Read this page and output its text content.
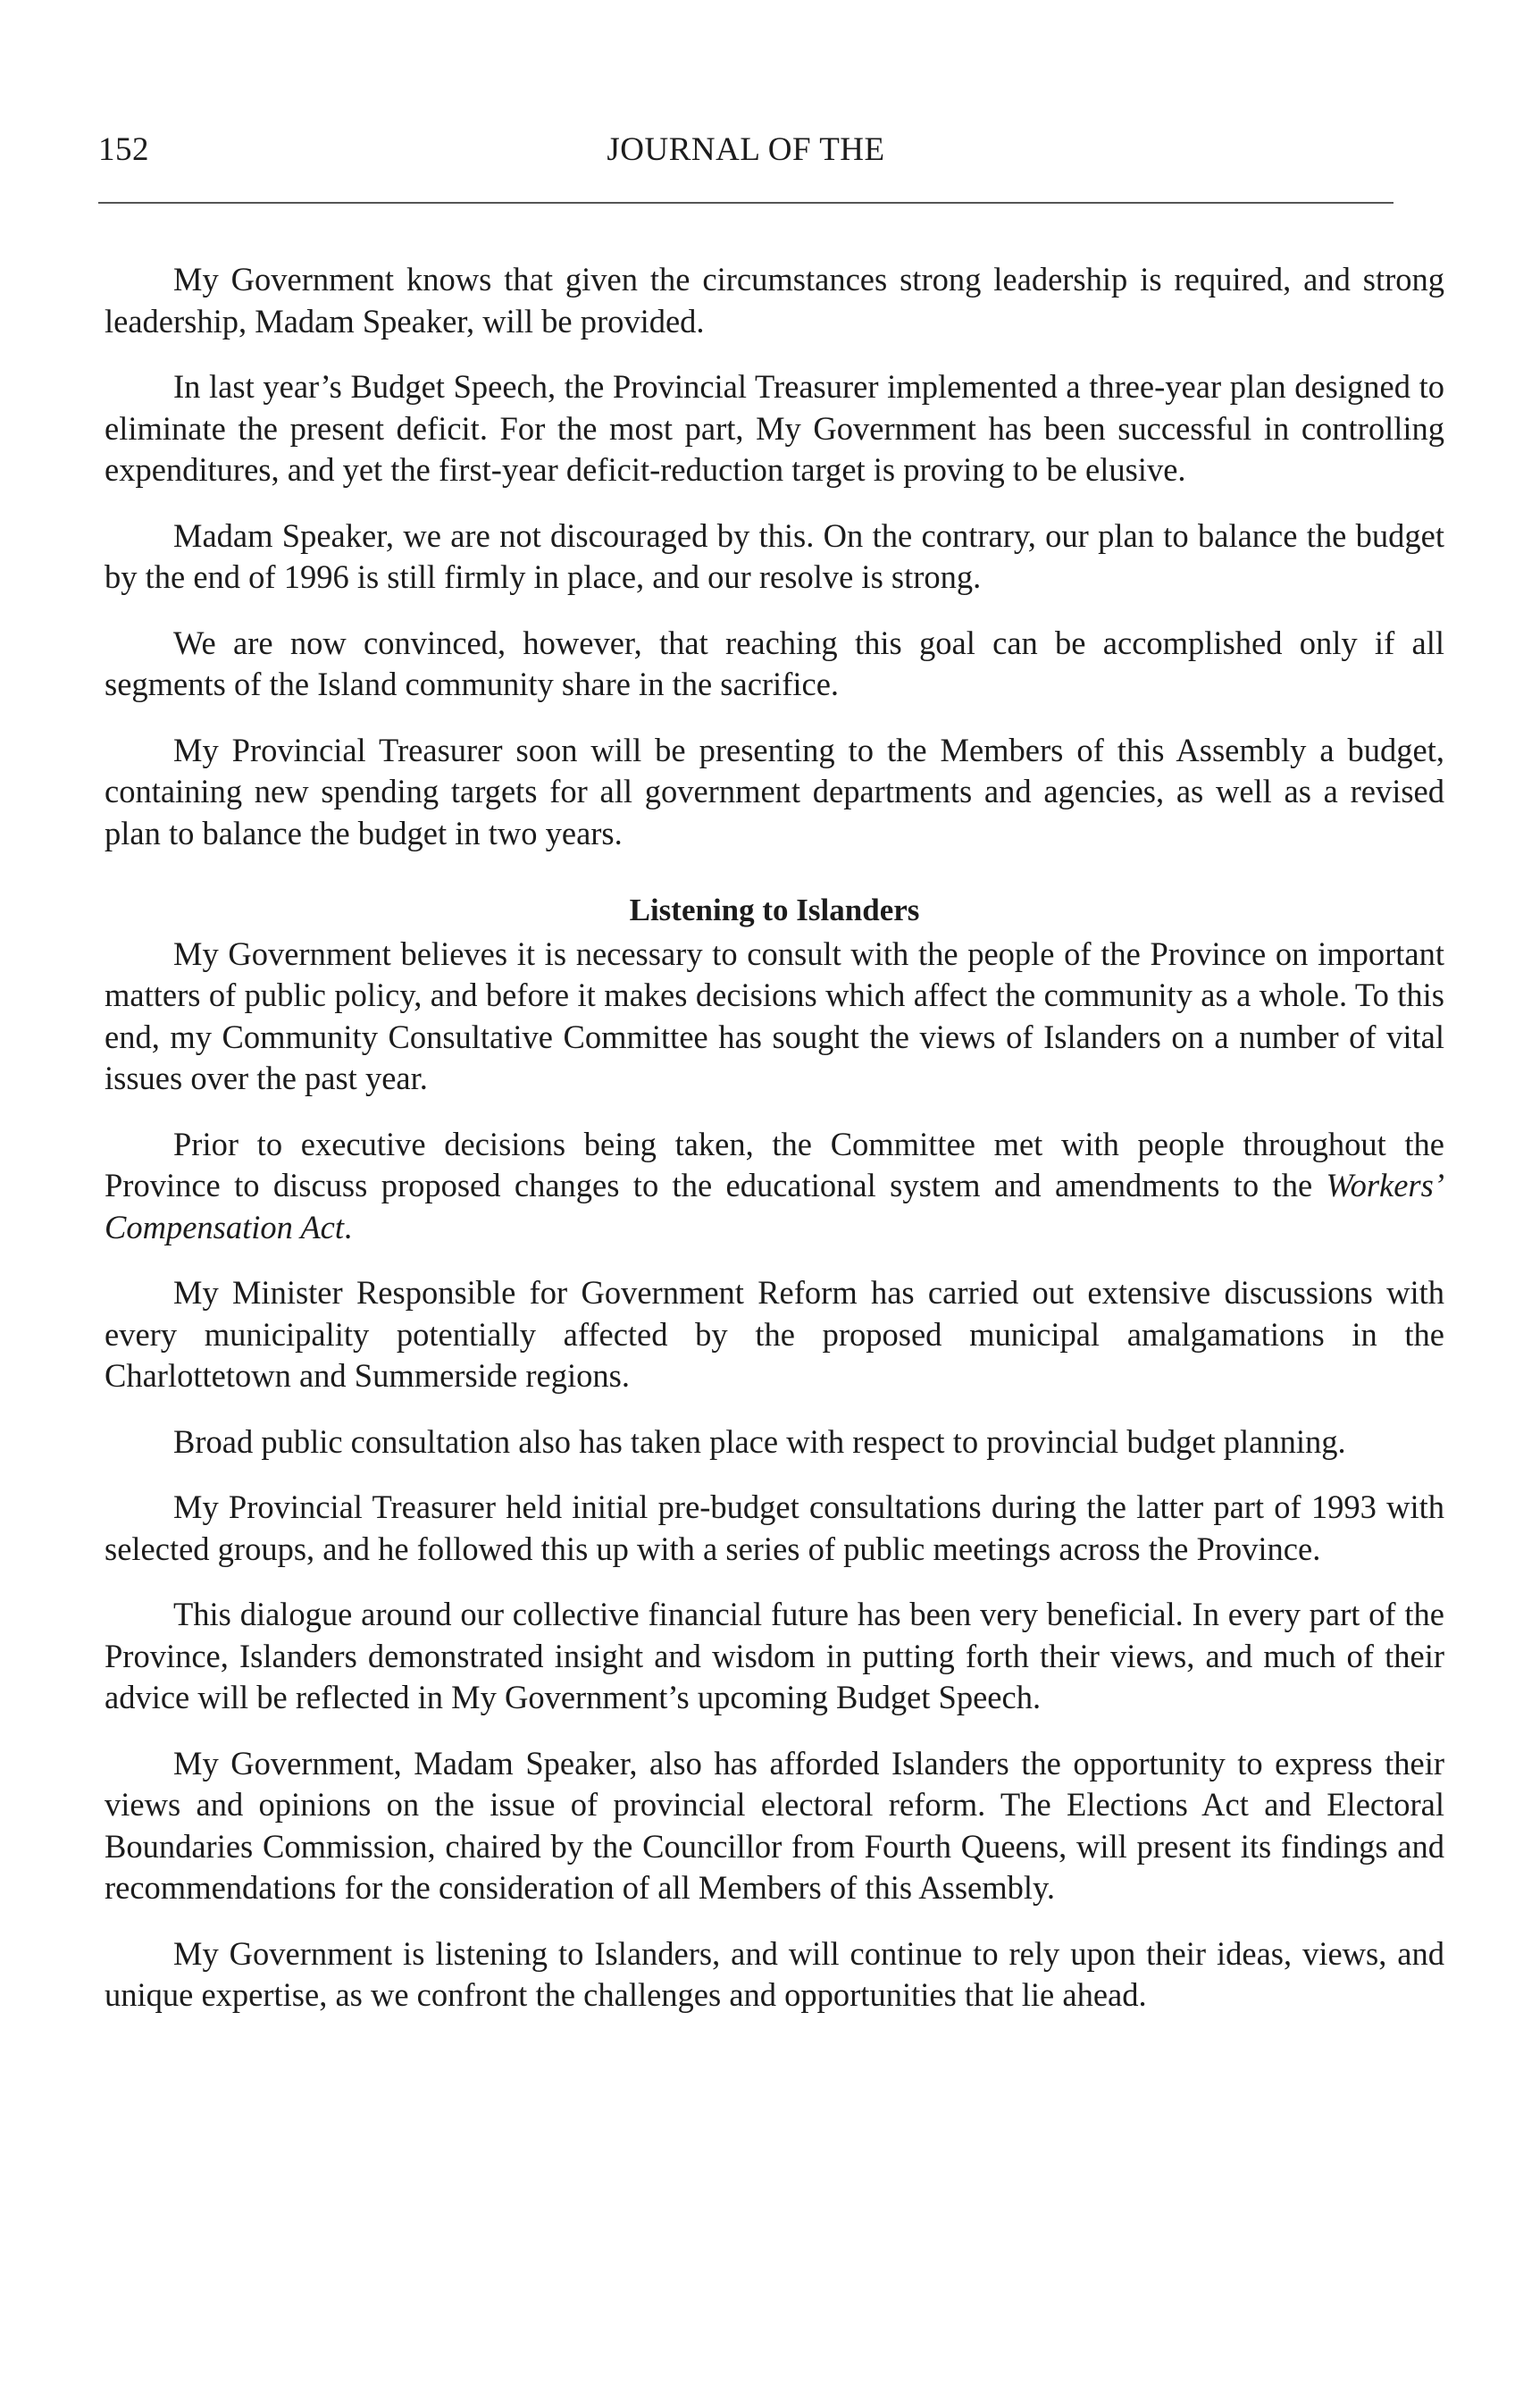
152	JOURNAL OF THE

My Government knows that given the circumstances strong leadership is required, and strong leadership, Madam Speaker, will be provided.

In last year’s Budget Speech, the Provincial Treasurer implemented a three-year plan designed to eliminate the present deficit. For the most part, My Government has been successful in controlling expenditures, and yet the first-year deficit-reduction target is proving to be elusive.

Madam Speaker, we are not discouraged by this. On the contrary, our plan to balance the budget by the end of 1996 is still firmly in place, and our resolve is strong.

We are now convinced, however, that reaching this goal can be accomplished only if all segments of the Island community share in the sacrifice.

My Provincial Treasurer soon will be presenting to the Members of this Assembly a budget, containing new spending targets for all government departments and agencies, as well as a revised plan to balance the budget in two years.

Listening to Islanders

My Government believes it is necessary to consult with the people of the Province on important matters of public policy, and before it makes decisions which affect the community as a whole. To this end, my Community Consultative Committee has sought the views of Islanders on a number of vital issues over the past year.

Prior to executive decisions being taken, the Committee met with people throughout the Province to discuss proposed changes to the educational system and amendments to the Workers’ Compensation Act.

My Minister Responsible for Government Reform has carried out extensive discussions with every municipality potentially affected by the proposed municipal amalgamations in the Charlottetown and Summerside regions.

Broad public consultation also has taken place with respect to provincial budget planning.

My Provincial Treasurer held initial pre-budget consultations during the latter part of 1993 with selected groups, and he followed this up with a series of public meetings across the Province.

This dialogue around our collective financial future has been very beneficial. In every part of the Province, Islanders demonstrated insight and wisdom in putting forth their views, and much of their advice will be reflected in My Government’s upcoming Budget Speech.

My Government, Madam Speaker, also has afforded Islanders the opportunity to express their views and opinions on the issue of provincial electoral reform. The Elections Act and Electoral Boundaries Commission, chaired by the Councillor from Fourth Queens, will present its findings and recommendations for the consideration of all Members of this Assembly.

My Government is listening to Islanders, and will continue to rely upon their ideas, views, and unique expertise, as we confront the challenges and opportunities that lie ahead.
